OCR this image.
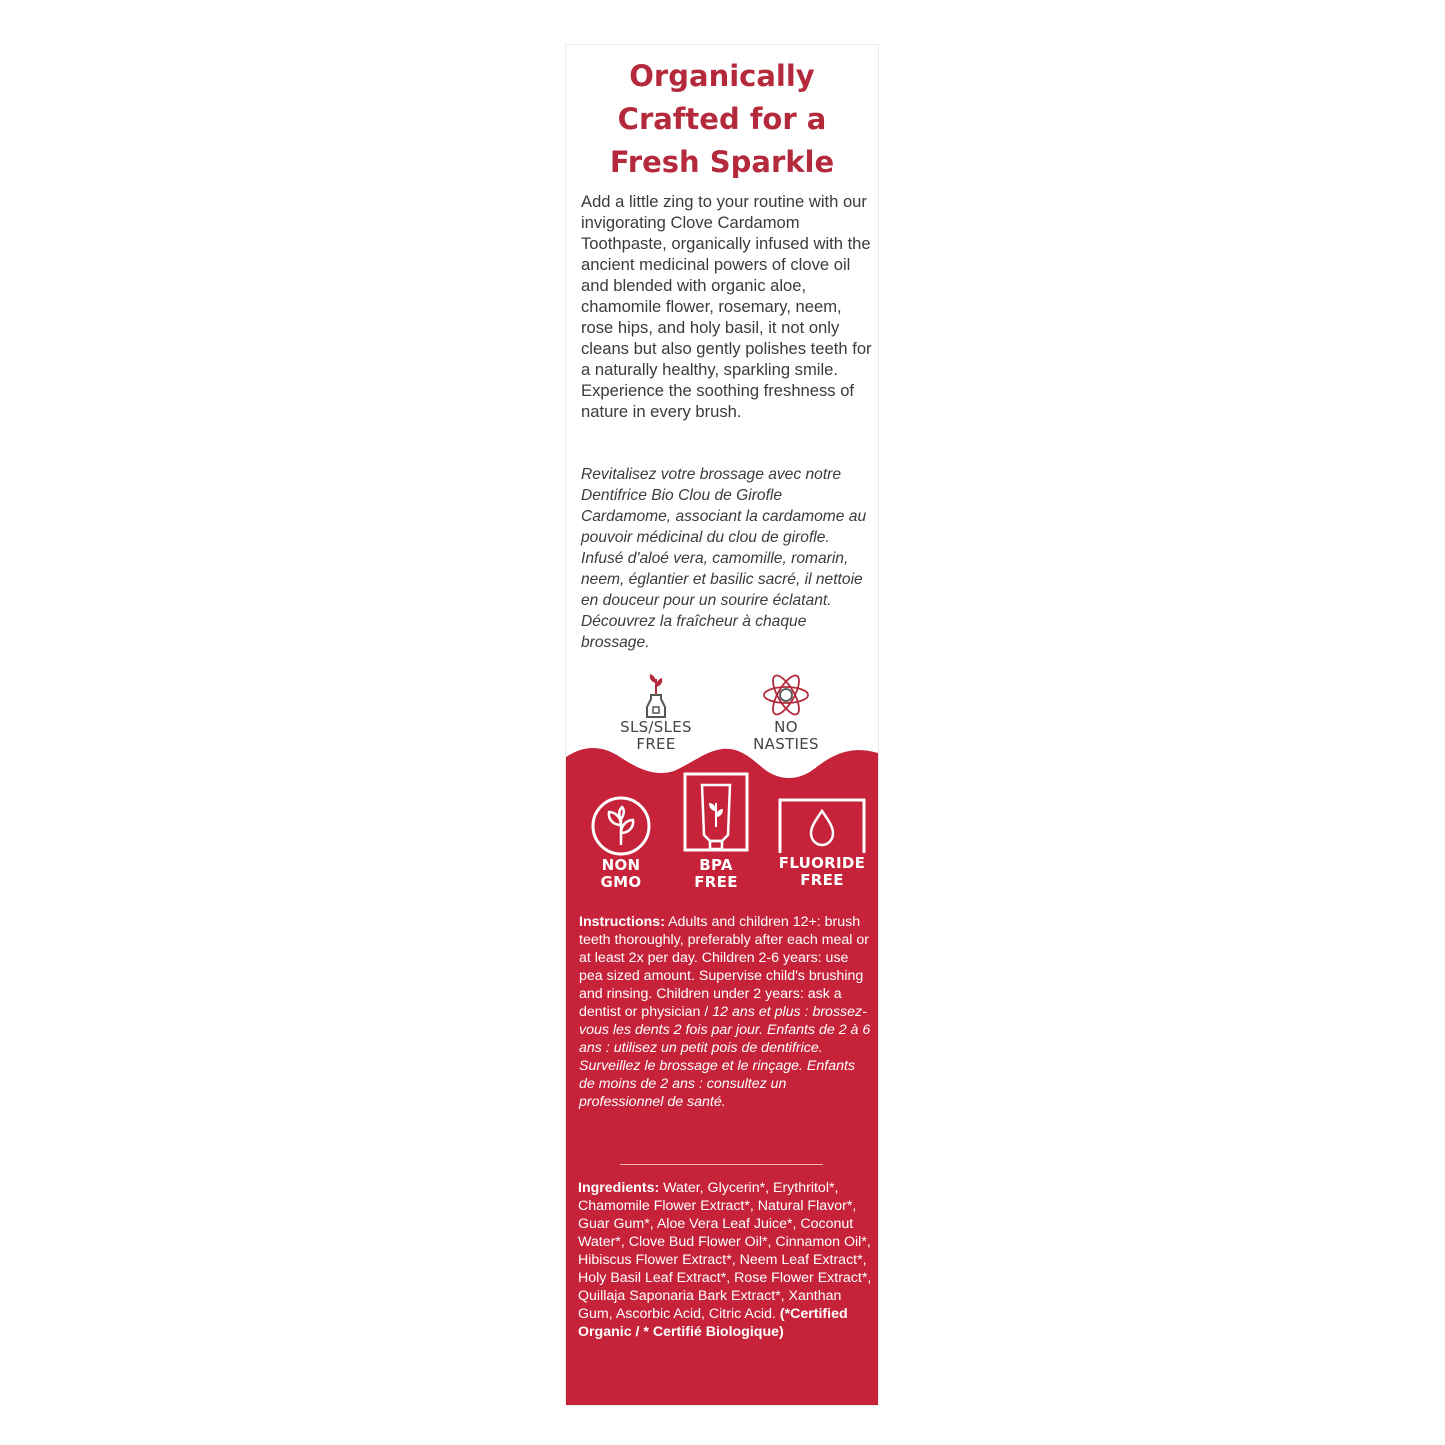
Organically
Crafted for a
Fresh Sparkle

Add a little zing to your routine with our invigorating Clove Cardamom Toothpaste, organically infused with the ancient medicinal powers of clove oil and blended with organic aloe, chamomile flower, rosemary, neem, rose hips, and holy basil, it not only cleans but also gently polishes teeth for a naturally healthy, sparkling smile. Experience the soothing freshness of nature in every brush.

Revitalisez votre brossage avec notre Dentifrice Bio Clou de Girofle Cardamome, associant la cardamome au pouvoir médicinal du clou de girofle. Infusé d'aloé vera, camomille, romarin, neem, églantier et basilic sacré, il nettoie en douceur pour un sourire éclatant. Découvrez la fraîcheur à chaque brossage.

SLS/SLES
FREE
NO
NASTIES
NON
GMO
BPA
FREE
FLUORIDE
FREE

Instructions: Adults and children 12+: brush teeth thoroughly, preferably after each meal or at least 2x per day. Children 2-6 years: use pea sized amount. Supervise child's brushing and rinsing. Children under 2 years: ask a dentist or physician / 12 ans et plus : brossez-vous les dents 2 fois par jour. Enfants de 2 à 6 ans : utilisez un petit pois de dentifrice. Surveillez le brossage et le rinçage. Enfants de moins de 2 ans : consultez un professionnel de santé.

Ingredients: Water, Glycerin*, Erythritol*, Chamomile Flower Extract*, Natural Flavor*, Guar Gum*, Aloe Vera Leaf Juice*, Coconut Water*, Clove Bud Flower Oil*, Cinnamon Oil*, Hibiscus Flower Extract*, Neem Leaf Extract*, Holy Basil Leaf Extract*, Rose Flower Extract*, Quillaja Saponaria Bark Extract*, Xanthan Gum, Ascorbic Acid, Citric Acid. (*Certified Organic / * Certifié Biologique)
